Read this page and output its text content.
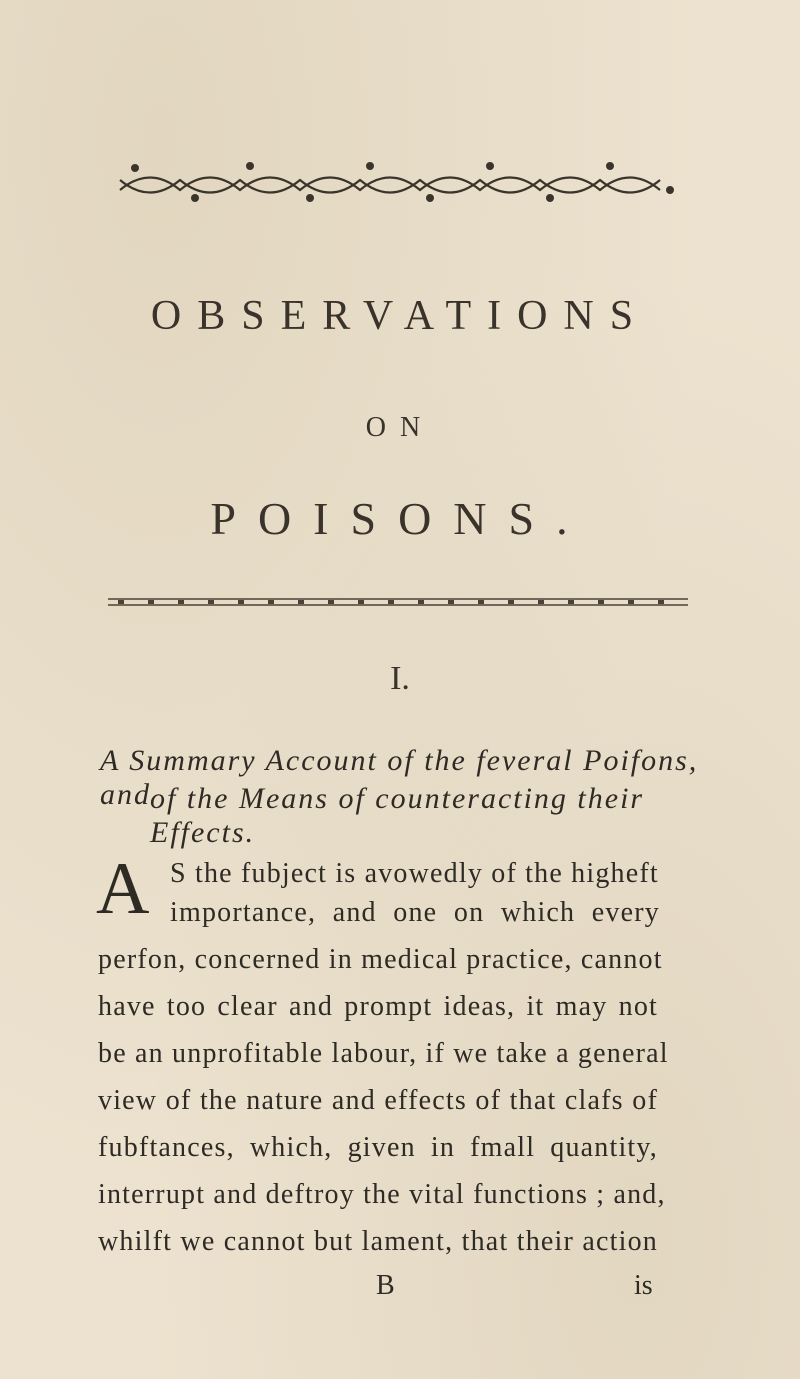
OBSERVATIONS
ON
POISONS.
I.
A Summary Account of the feveral Poifons, and of the Means of counteracting their Effects.
A S the fubject is avowedly of the higheft
importance, and one on which every
perfon, concerned in medical practice, cannot
have too clear and prompt ideas, it may not
be an unprofitable labour, if we take a general
view of the nature and effects of that clafs of
fubftances, which, given in fmall quantity,
interrupt and deftroy the vital functions ; and,
whilft we cannot but lament, that their action
B	is
